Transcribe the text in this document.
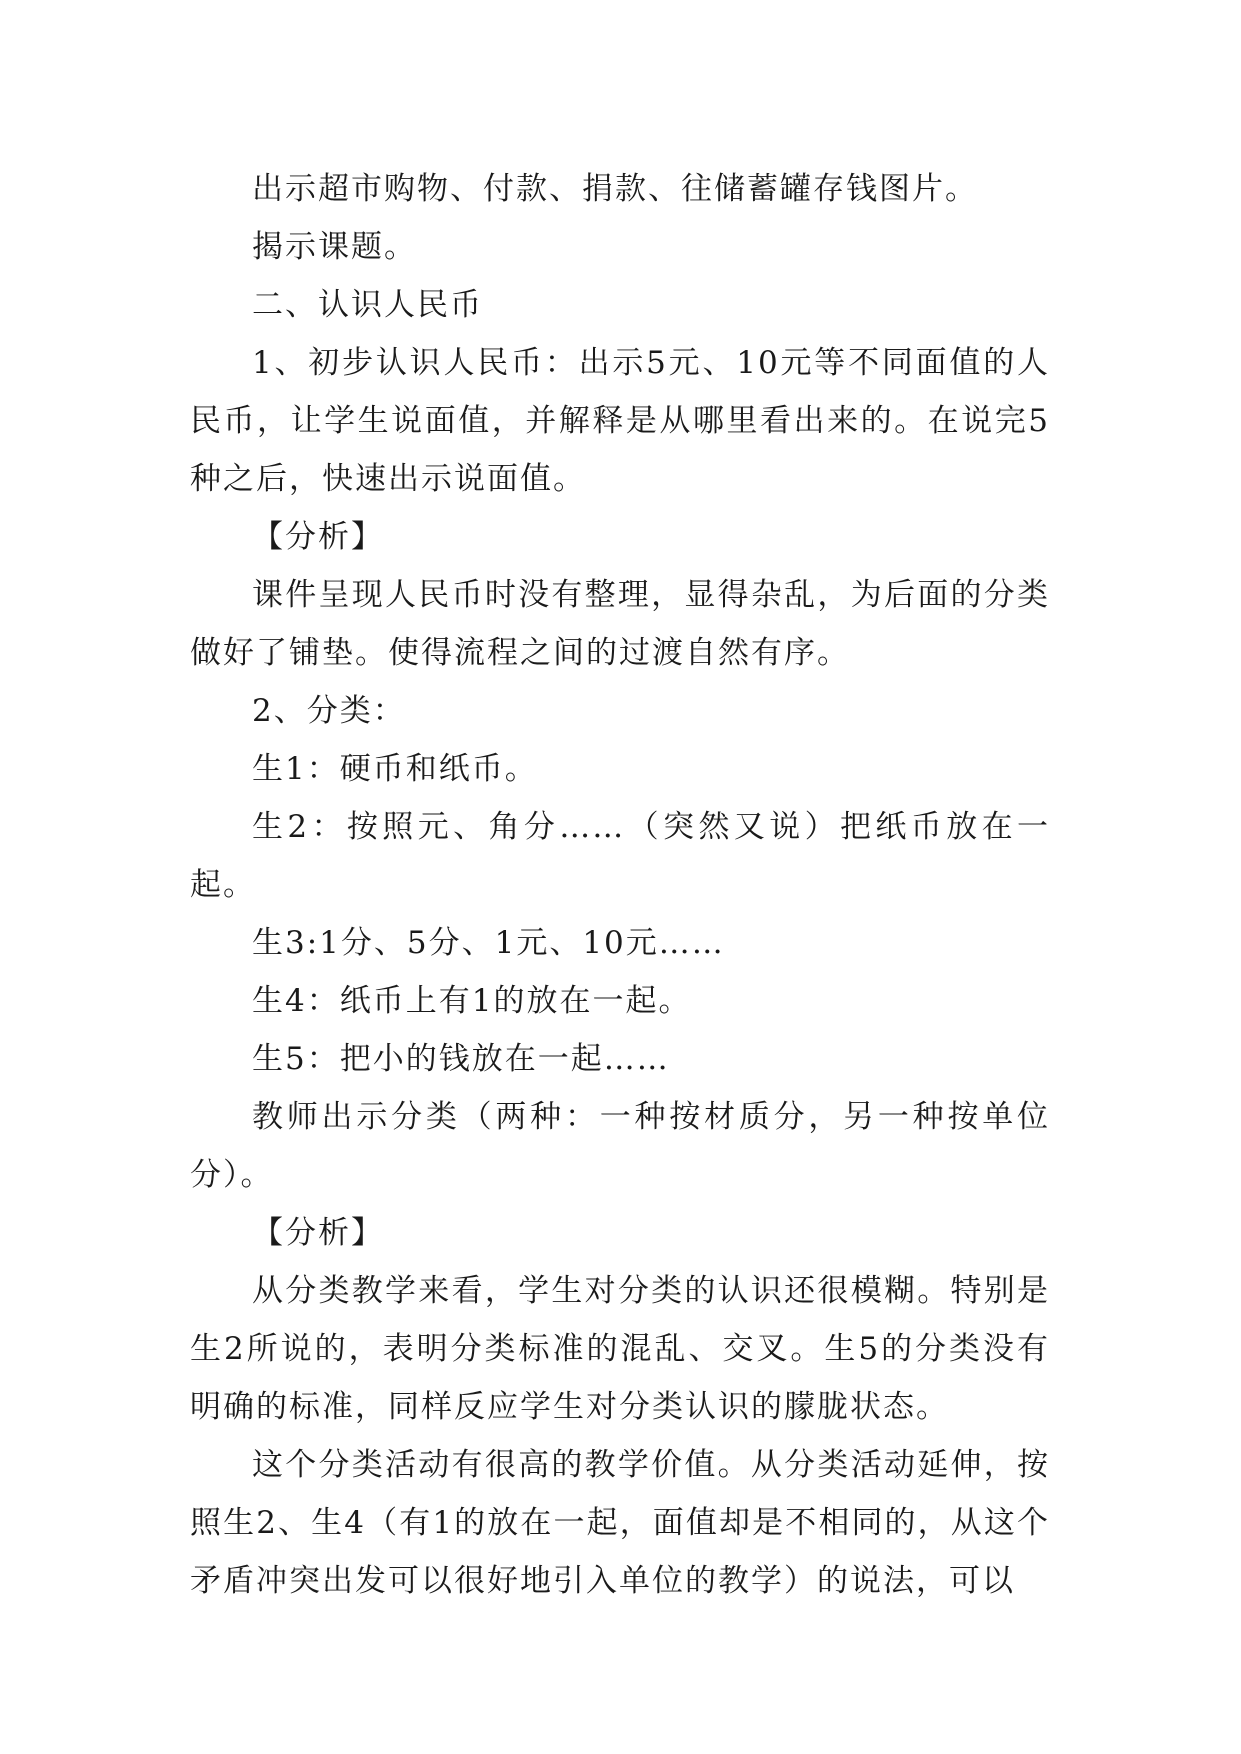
出示超市购物、付款、捐款、往储蓄罐存钱图片。

揭示课题。

二、认识人民币

1、初步认识人民币：出示5元、10元等不同面值的人民币，让学生说面值，并解释是从哪里看出来的。在说完5种之后，快速出示说面值。

【分析】

课件呈现人民币时没有整理，显得杂乱，为后面的分类做好了铺垫。使得流程之间的过渡自然有序。

2、分类：

生1：硬币和纸币。

生2：按照元、角分……（突然又说）把纸币放在一起。

生3:1分、5分、1元、10元……

生4：纸币上有1的放在一起。

生5：把小的钱放在一起……

教师出示分类（两种：一种按材质分，另一种按单位分）。

【分析】

从分类教学来看，学生对分类的认识还很模糊。特别是生2所说的，表明分类标准的混乱、交叉。生5的分类没有明确的标准，同样反应学生对分类认识的朦胧状态。

这个分类活动有很高的教学价值。从分类活动延伸，按照生2、生4（有1的放在一起，面值却是不相同的，从这个矛盾冲突出发可以很好地引入单位的教学）的说法，可以
